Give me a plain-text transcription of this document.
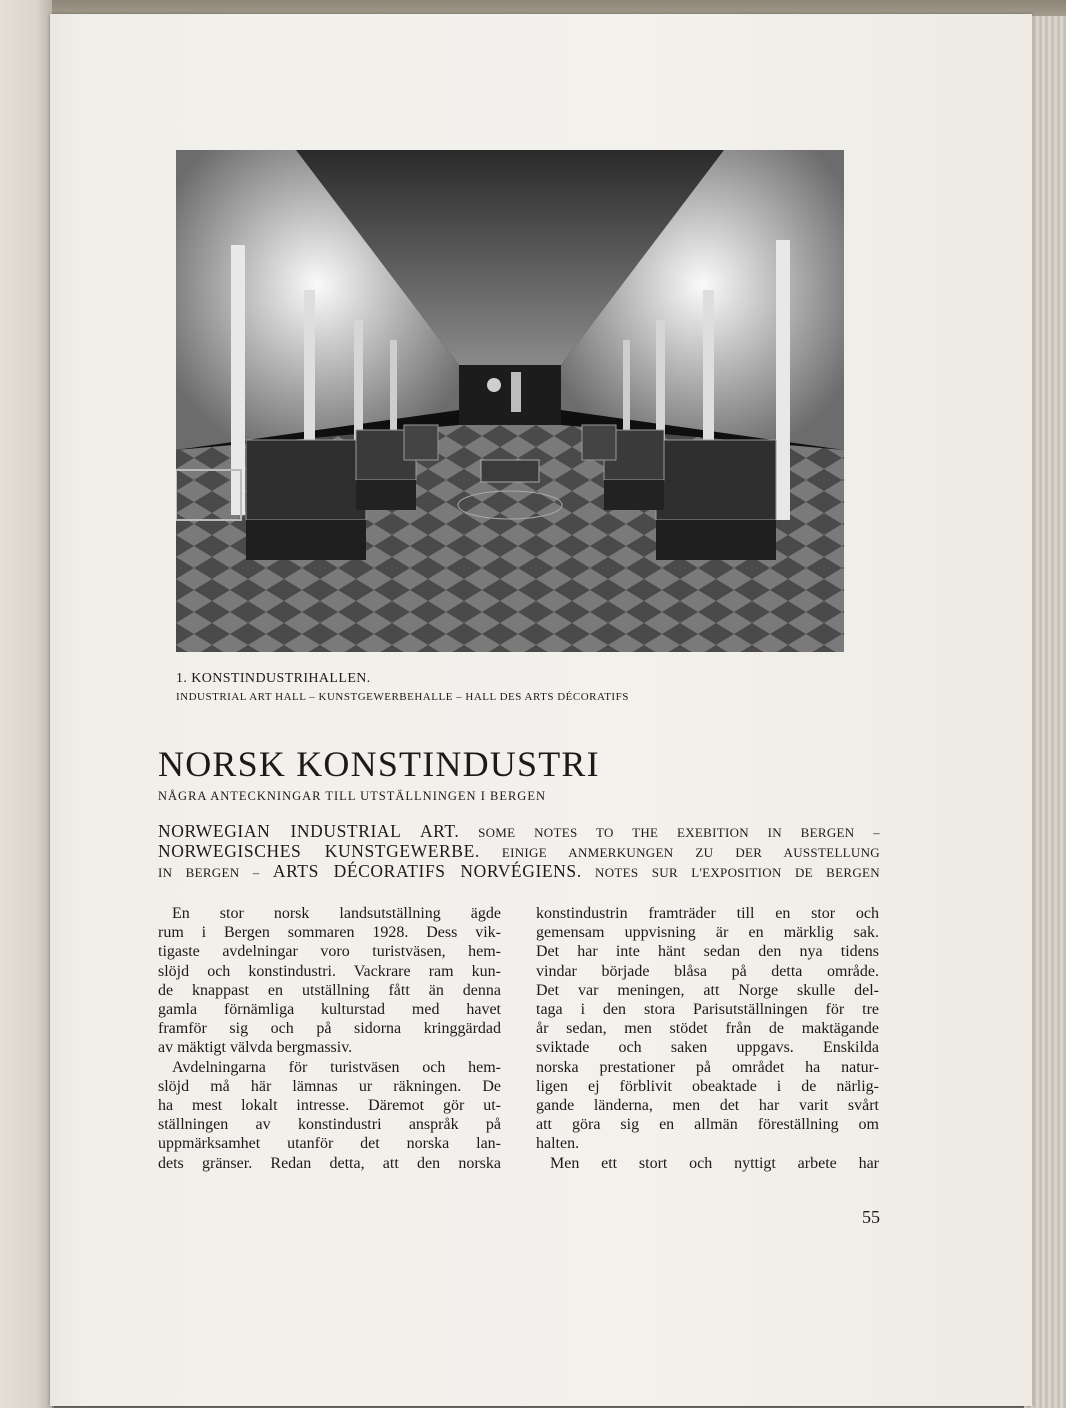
1. KONSTINDUSTRIHALLEN.
INDUSTRIAL ART HALL – KUNSTGEWERBEHALLE – HALL DES ARTS DÉCORATIFS
NORSK KONSTINDUSTRI
NÅGRA ANTECKNINGAR TILL UTSTÄLLNINGEN I BERGEN
NORWEGIAN INDUSTRIAL ART. SOME NOTES TO THE EXEBITION IN BERGEN –
NORWEGISCHES KUNSTGEWERBE. EINIGE ANMERKUNGEN ZU DER AUSSTELLUNG
IN BERGEN – ARTS DÉCORATIFS NORVÉGIENS. NOTES SUR L'EXPOSITION DE BERGEN
En stor norsk landsutställning ägde
rum i Bergen sommaren 1928. Dess vik-
tigaste avdelningar voro turistväsen, hem-
slöjd och konstindustri. Vackrare ram kun-
de knappast en utställning fått än denna
gamla förnämliga kulturstad med havet
framför sig och på sidorna kringgärdad
av mäktigt välvda bergmassiv.
Avdelningarna för turistväsen och hem-
slöjd må här lämnas ur räkningen. De
ha mest lokalt intresse. Däremot gör ut-
ställningen av konstindustri anspråk på
uppmärksamhet utanför det norska lan-
dets gränser. Redan detta, att den norska
konstindustrin framträder till en stor och
gemensam uppvisning är en märklig sak.
Det har inte hänt sedan den nya tidens
vindar började blåsa på detta område.
Det var meningen, att Norge skulle del-
taga i den stora Parisutställningen för tre
år sedan, men stödet från de maktägande
sviktade och saken uppgavs. Enskilda
norska prestationer på området ha natur-
ligen ej förblivit obeaktade i de närlig-
gande länderna, men det har varit svårt
att göra sig en allmän föreställning om
halten.
Men ett stort och nyttigt arbete har
55
